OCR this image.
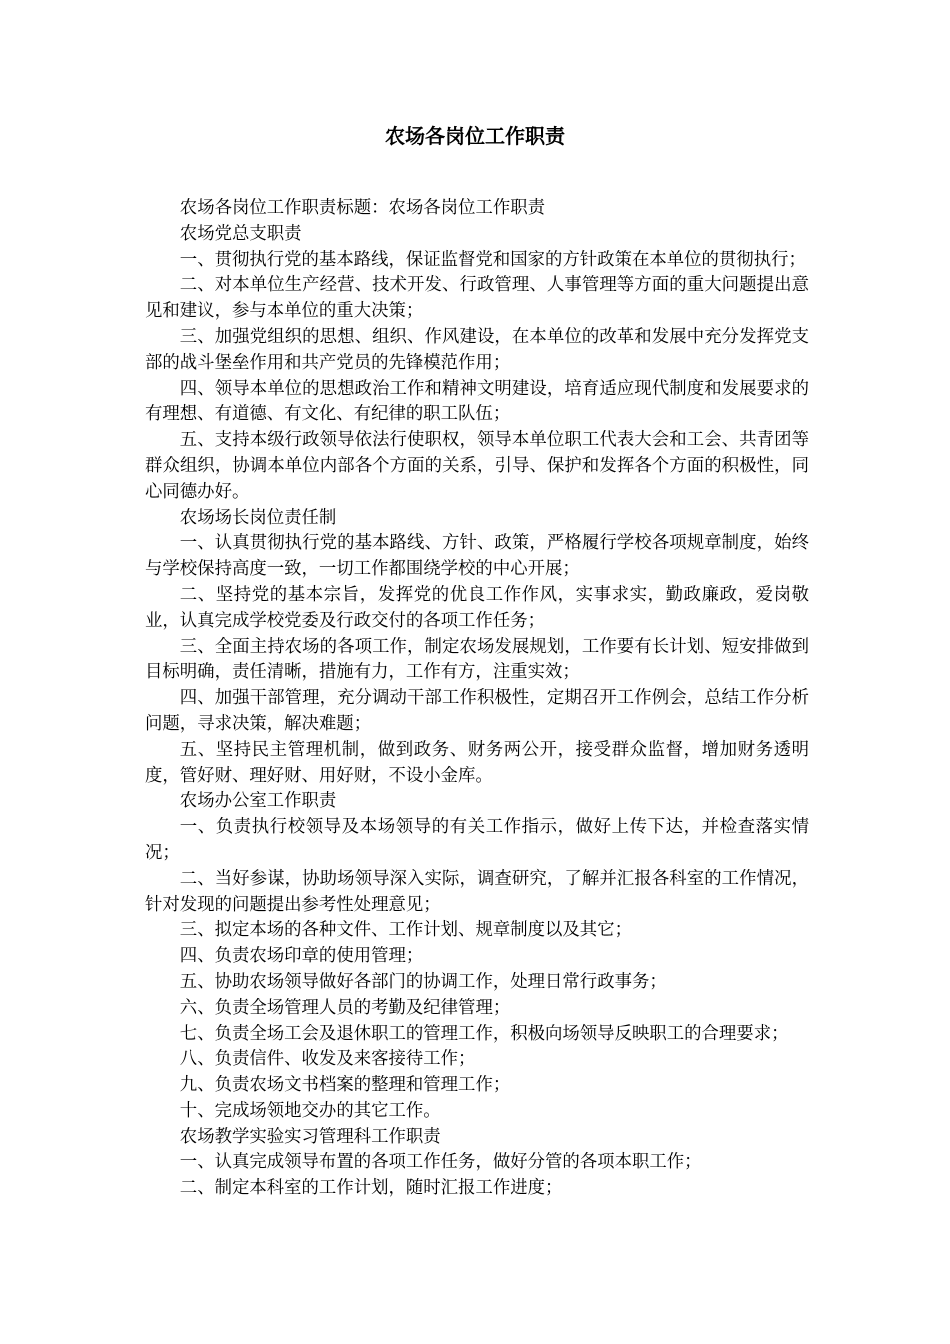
农场各岗位工作职责

农场各岗位工作职责标题：农场各岗位工作职责

农场党总支职责

一、贯彻执行党的基本路线，保证监督党和国家的方针政策在本单位的贯彻执行；

二、对本单位生产经营、技术开发、行政管理、人事管理等方面的重大问题提出意见和建议，参与本单位的重大决策；

三、加强党组织的思想、组织、作风建设，在本单位的改革和发展中充分发挥党支部的战斗堡垒作用和共产党员的先锋模范作用；

四、领导本单位的思想政治工作和精神文明建设，培育适应现代制度和发展要求的有理想、有道德、有文化、有纪律的职工队伍；

五、支持本级行政领导依法行使职权，领导本单位职工代表大会和工会、共青团等群众组织，协调本单位内部各个方面的关系，引导、保护和发挥各个方面的积极性，同心同德办好。

农场场长岗位责任制

一、认真贯彻执行党的基本路线、方针、政策，严格履行学校各项规章制度，始终与学校保持高度一致，一切工作都围绕学校的中心开展；

二、坚持党的基本宗旨，发挥党的优良工作作风，实事求实，勤政廉政，爱岗敬业，认真完成学校党委及行政交付的各项工作任务；

三、全面主持农场的各项工作，制定农场发展规划，工作要有长计划、短安排做到目标明确，责任清晰，措施有力，工作有方，注重实效；

四、加强干部管理，充分调动干部工作积极性，定期召开工作例会，总结工作分析问题，寻求决策，解决难题；

五、坚持民主管理机制，做到政务、财务两公开，接受群众监督，增加财务透明度，管好财、理好财、用好财，不设小金库。

农场办公室工作职责

一、负责执行校领导及本场领导的有关工作指示，做好上传下达，并检查落实情况；

二、当好参谋，协助场领导深入实际，调查研究，了解并汇报各科室的工作情况，针对发现的问题提出参考性处理意见；

三、拟定本场的各种文件、工作计划、规章制度以及其它；

四、负责农场印章的使用管理；

五、协助农场领导做好各部门的协调工作，处理日常行政事务；

六、负责全场管理人员的考勤及纪律管理；

七、负责全场工会及退休职工的管理工作，积极向场领导反映职工的合理要求；

八、负责信件、收发及来客接待工作；

九、负责农场文书档案的整理和管理工作；

十、完成场领地交办的其它工作。

农场教学实验实习管理科工作职责

一、认真完成领导布置的各项工作任务，做好分管的各项本职工作；

二、制定本科室的工作计划，随时汇报工作进度；
